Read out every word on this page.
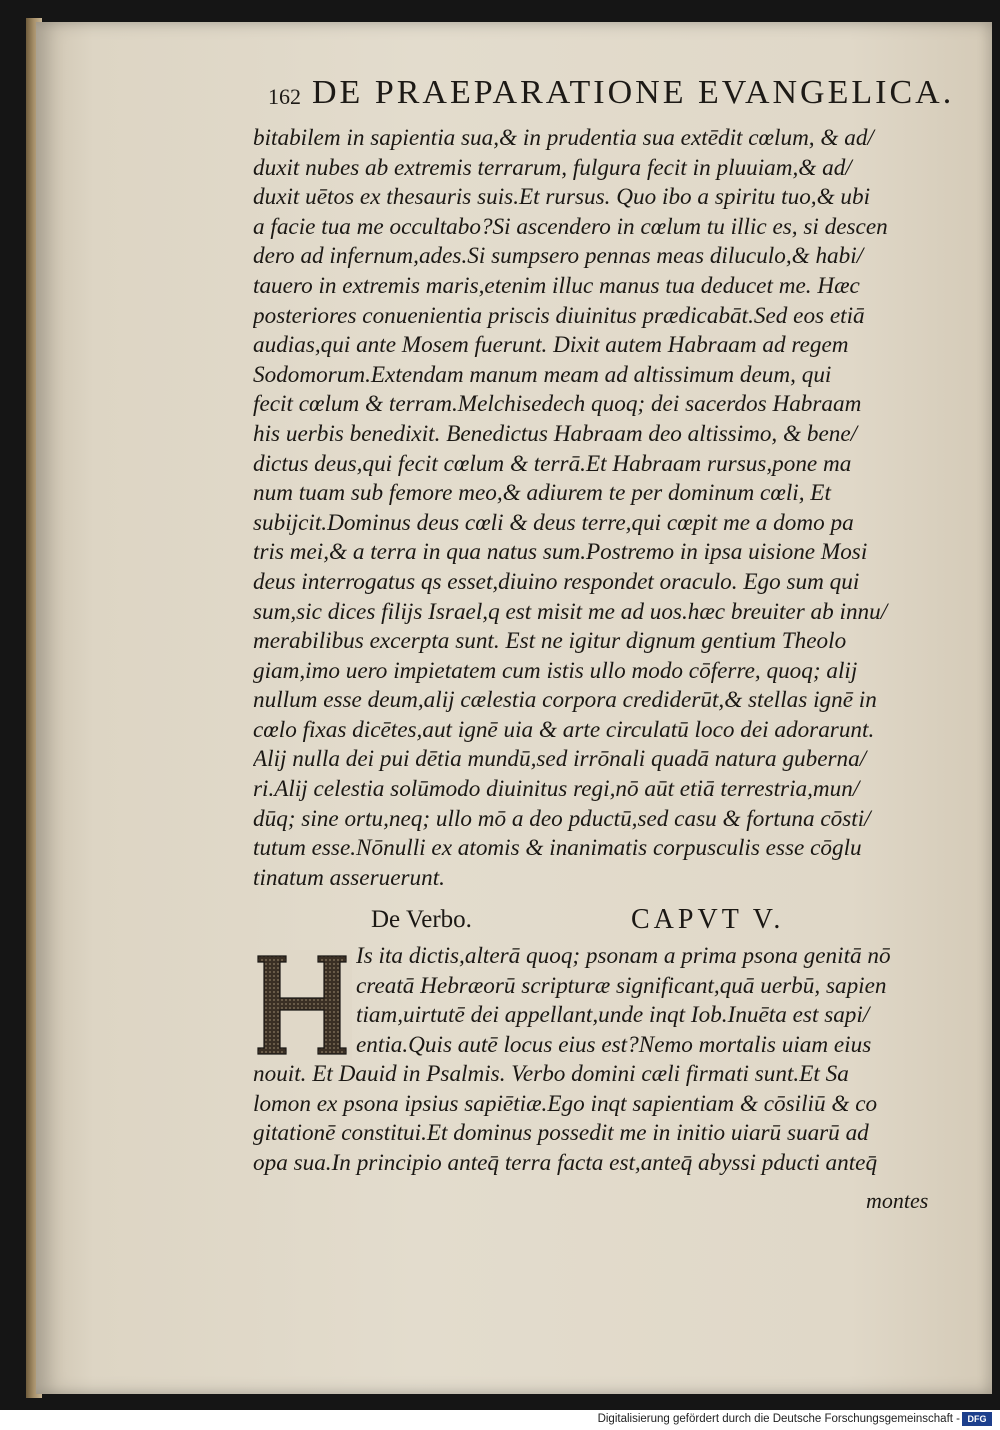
162 DE PRAEPARATIONE EVANGELICA.
bitabilem in sapientia sua,& in prudentia sua extēdit cœlum, & ad/
duxit nubes ab extremis terrarum, fulgura fecit in pluuiam,& ad/
duxit uētos ex thesauris suis.Et rursus. Quo ibo a spiritu tuo,& ubi
a facie tua me occultabo?Si ascendero in cœlum tu illic es, si descen
dero ad infernum,ades.Si sumpsero pennas meas diluculo,& habi/
tauero in extremis maris,etenim illuc manus tua deducet me. Hæc
posteriores conuenientia priscis diuinitus prædicabāt.Sed eos etiā
audias,qui ante Mosem fuerunt. Dixit autem Habraam ad regem
Sodomorum.Extendam manum meam ad altissimum deum, qui
fecit cœlum & terram.Melchisedech quoq; dei sacerdos Habraam
his uerbis benedixit. Benedictus Habraam deo altissimo, & bene/
dictus deus,qui fecit cœlum & terrā.Et Habraam rursus,pone ma
num tuam sub femore meo,& adiurem te per dominum cœli, Et
subijcit.Dominus deus cœli & deus terre,qui cœpit me a domo pa
tris mei,& a terra in qua natus sum.Postremo in ipsa uisione Mosi
deus interrogatus qs esset,diuino respondet oraculo. Ego sum qui
sum,sic dices filijs Israel,q est misit me ad uos.hæc breuiter ab innu/
merabilibus excerpta sunt. Est ne igitur dignum gentium Theolo
giam,imo uero impietatem cum istis ullo modo cōferre, quoq; alij
nullum esse deum,alij cælestia corpora crediderūt,& stellas ignē in
cœlo fixas dicētes,aut ignē uia & arte circulatū loco dei adorarunt.
Alij nulla dei pui dētia mundū,sed irrōnali quadā natura guberna/
ri.Alij celestia solūmodo diuinitus regi,nō aūt etiā terrestria,mun/
dūq; sine ortu,neq; ullo mō a deo pductū,sed casu & fortuna cōsti/
tutum esse.Nōnulli ex atomis & inanimatis corpusculis esse cōglu
tinatum asseruerunt.
De Verbo.	CAPVT V.
Is ita dictis,alterā quoq; psonam a prima psona genitā nō
creatā Hebræorū scripturæ significant,quā uerbū, sapien
tiam,uirtutē dei appellant,unde inqt Iob.Inuēta est sapi/
entia.Quis autē locus eius est?Nemo mortalis uiam eius
nouit. Et Dauid in Psalmis. Verbo domini cæli firmati sunt.Et Sa
lomon ex psona ipsius sapiētiæ.Ego inqt sapientiam & cōsiliū & co
gitationē constitui.Et dominus possedit me in initio uiarū suarū ad
opa sua.In principio anteq̄ terra facta est,anteq̄ abyssi pducti anteq̄
montes
Digitalisierung gefördert durch die Deutsche Forschungsgemeinschaft - DFG
